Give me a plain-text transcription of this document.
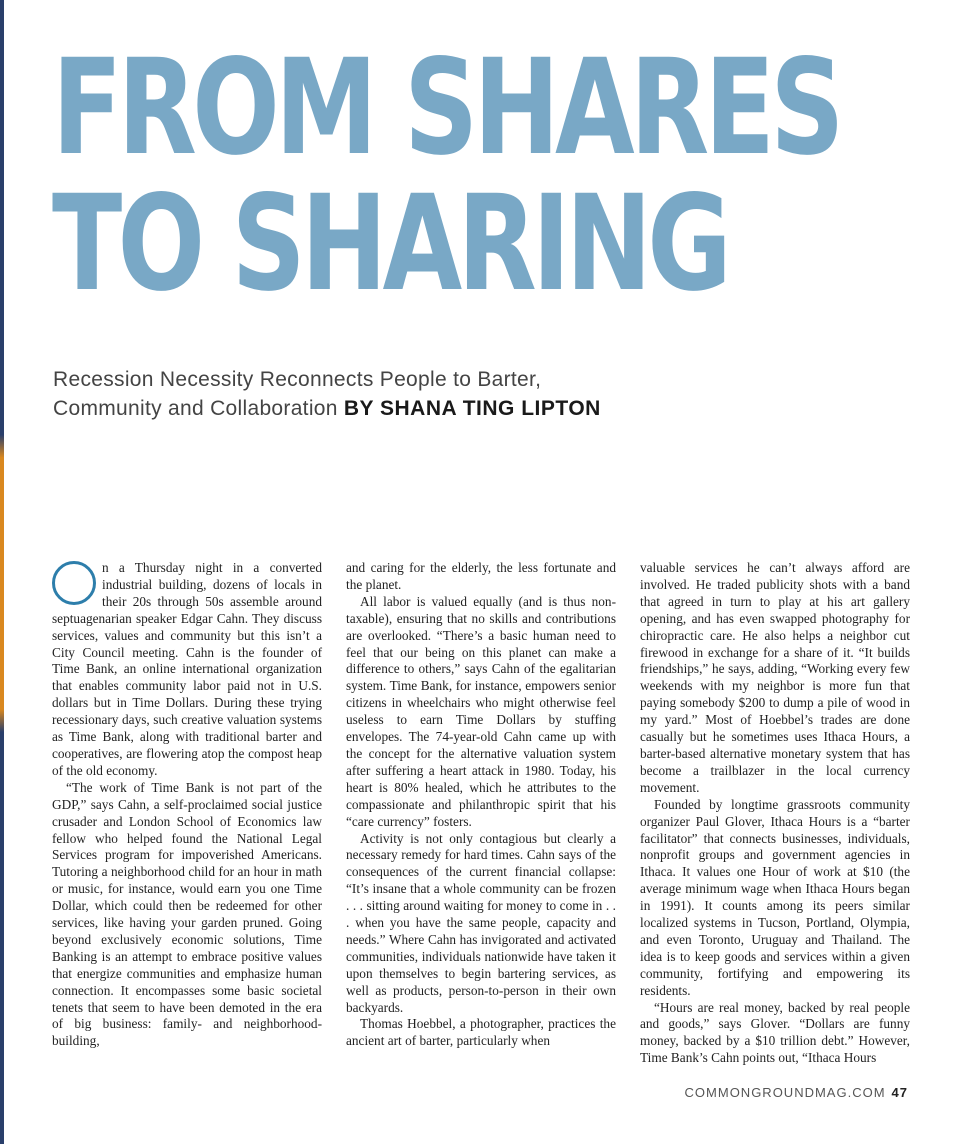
FROM SHARES
TO SHARING
Recession Necessity Reconnects People to Barter,
Community and Collaboration BY SHANA TING LIPTON

n a Thursday night in a converted industrial building, dozens of locals in their 20s through 50s assemble around septuagenarian speaker Edgar Cahn. They discuss services, values and community but this isn’t a City Council meeting. Cahn is the founder of Time Bank, an online international organization that enables community labor paid not in U.S. dollars but in Time Dollars. During these trying recessionary days, such creative valuation systems as Time Bank, along with traditional barter and cooperatives, are flowering atop the compost heap of the old economy.

“The work of Time Bank is not part of the GDP,” says Cahn, a self-proclaimed social justice crusader and London School of Economics law fellow who helped found the National Legal Services program for impoverished Americans. Tutoring a neighborhood child for an hour in math or music, for instance, would earn you one Time Dollar, which could then be redeemed for other services, like having your garden pruned. Going beyond exclusively economic solutions, Time Banking is an attempt to embrace positive values that energize communities and emphasize human connection. It encompasses some basic societal tenets that seem to have been demoted in the era of big business: family- and neighborhood-building,

and caring for the elderly, the less fortunate and the planet.

All labor is valued equally (and is thus non-taxable), ensuring that no skills and contributions are overlooked. “There’s a basic human need to feel that our being on this planet can make a difference to others,” says Cahn of the egalitarian system. Time Bank, for instance, empowers senior citizens in wheelchairs who might otherwise feel useless to earn Time Dollars by stuffing envelopes. The 74-year-old Cahn came up with the concept for the alternative valuation system after suffering a heart attack in 1980. Today, his heart is 80% healed, which he attributes to the compassionate and philanthropic spirit that his “care currency” fosters.

Activity is not only contagious but clearly a necessary remedy for hard times. Cahn says of the consequences of the current financial collapse: “It’s insane that a whole community can be frozen . . . sitting around waiting for money to come in . . . when you have the same people, capacity and needs.” Where Cahn has invigorated and activated communities, individuals nationwide have taken it upon themselves to begin bartering services, as well as products, person-to-person in their own backyards.

Thomas Hoebbel, a photographer, practices the ancient art of barter, particularly when

valuable services he can’t always afford are involved. He traded publicity shots with a band that agreed in turn to play at his art gallery opening, and has even swapped photography for chiropractic care. He also helps a neighbor cut firewood in exchange for a share of it. “It builds friendships,” he says, adding, “Working every few weekends with my neighbor is more fun that paying somebody $200 to dump a pile of wood in my yard.” Most of Hoebbel’s trades are done casually but he sometimes uses Ithaca Hours, a barter-based alternative monetary system that has become a trailblazer in the local currency movement.

Founded by longtime grassroots community organizer Paul Glover, Ithaca Hours is a “barter facilitator” that connects businesses, individuals, nonprofit groups and government agencies in Ithaca. It values one Hour of work at $10 (the average minimum wage when Ithaca Hours began in 1991). It counts among its peers similar localized systems in Tucson, Portland, Olympia, and even Toronto, Uruguay and Thailand. The idea is to keep goods and services within a given community, fortifying and empowering its residents.

“Hours are real money, backed by real people and goods,” says Glover. “Dollars are funny money, backed by a $10 trillion debt.” However, Time Bank’s Cahn points out, “Ithaca Hours

COMMONGROUNDMAG.COM 47
